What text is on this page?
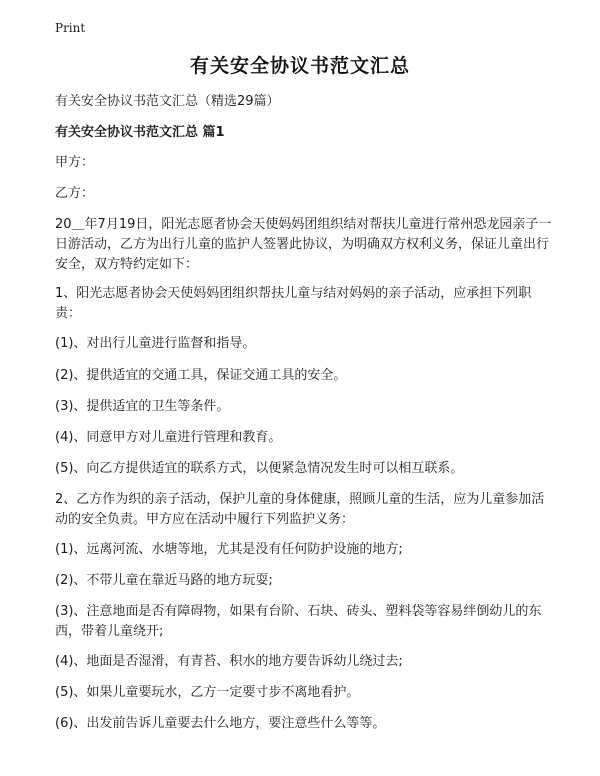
Print
有关安全协议书范文汇总

有关安全协议书范文汇总（精选29篇）

有关安全协议书范文汇总 篇1

甲方：

乙方：

20＿年7月19日，阳光志愿者协会天使妈妈团组织结对帮扶儿童进行常州恐龙园亲子一日游活动，乙方为出行儿童的监护人签署此协议，为明确双方权利义务，保证儿童出行安全，双方特约定如下：

1、阳光志愿者协会天使妈妈团组织帮扶儿童与结对妈妈的亲子活动，应承担下列职责：

(1)、对出行儿童进行监督和指导。

(2)、提供适宜的交通工具，保证交通工具的安全。

(3)、提供适宜的卫生等条件。

(4)、同意甲方对儿童进行管理和教育。

(5)、向乙方提供适宜的联系方式，以便紧急情况发生时可以相互联系。

2、乙方作为织的亲子活动，保护儿童的身体健康，照顾儿童的生活，应为儿童参加活动的安全负责。甲方应在活动中履行下列监护义务：

(1)、远离河流、水塘等地，尤其是没有任何防护设施的地方;

(2)、不带儿童在靠近马路的地方玩耍;

(3)、注意地面是否有障碍物，如果有台阶、石块、砖头、塑料袋等容易绊倒幼儿的东西，带着儿童绕开;

(4)、地面是否湿滑，有青苔、积水的地方要告诉幼儿绕过去;

(5)、如果儿童要玩水，乙方一定要寸步不离地看护。

(6)、出发前告诉儿童要去什么地方，要注意些什么等等。
